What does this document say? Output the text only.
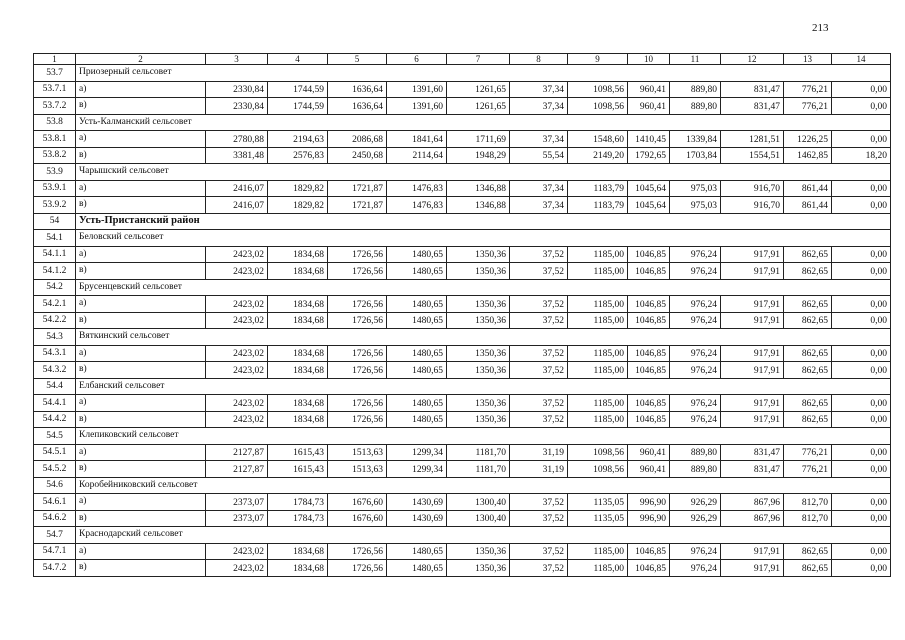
213
1	2	3	4	5	6	7	8	9	10	11	12	13	14
53.7	Приозерный сельсовет												
53.7.1	а)	2330,84	1744,59	1636,64	1391,60	1261,65	37,34	1098,56	960,41	889,80	831,47	776,21	0,00
53.7.2	в)	2330,84	1744,59	1636,64	1391,60	1261,65	37,34	1098,56	960,41	889,80	831,47	776,21	0,00
53.8	Усть-Калманский сельсовет												
53.8.1	а)	2780,88	2194,63	2086,68	1841,64	1711,69	37,34	1548,60	1410,45	1339,84	1281,51	1226,25	0,00
53.8.2	в)	3381,48	2576,83	2450,68	2114,64	1948,29	55,54	2149,20	1792,65	1703,84	1554,51	1462,85	18,20
53.9	Чарышский сельсовет												
53.9.1	а)	2416,07	1829,82	1721,87	1476,83	1346,88	37,34	1183,79	1045,64	975,03	916,70	861,44	0,00
53.9.2	в)	2416,07	1829,82	1721,87	1476,83	1346,88	37,34	1183,79	1045,64	975,03	916,70	861,44	0,00
54	Усть-Пристанский район												
54.1	Беловский сельсовет												
54.1.1	а)	2423,02	1834,68	1726,56	1480,65	1350,36	37,52	1185,00	1046,85	976,24	917,91	862,65	0,00
54.1.2	в)	2423,02	1834,68	1726,56	1480,65	1350,36	37,52	1185,00	1046,85	976,24	917,91	862,65	0,00
54.2	Брусенцевский сельсовет												
54.2.1	а)	2423,02	1834,68	1726,56	1480,65	1350,36	37,52	1185,00	1046,85	976,24	917,91	862,65	0,00
54.2.2	в)	2423,02	1834,68	1726,56	1480,65	1350,36	37,52	1185,00	1046,85	976,24	917,91	862,65	0,00
54.3	Вяткинский сельсовет												
54.3.1	а)	2423,02	1834,68	1726,56	1480,65	1350,36	37,52	1185,00	1046,85	976,24	917,91	862,65	0,00
54.3.2	в)	2423,02	1834,68	1726,56	1480,65	1350,36	37,52	1185,00	1046,85	976,24	917,91	862,65	0,00
54.4	Елбанский сельсовет												
54.4.1	а)	2423,02	1834,68	1726,56	1480,65	1350,36	37,52	1185,00	1046,85	976,24	917,91	862,65	0,00
54.4.2	в)	2423,02	1834,68	1726,56	1480,65	1350,36	37,52	1185,00	1046,85	976,24	917,91	862,65	0,00
54.5	Клепиковский сельсовет												
54.5.1	а)	2127,87	1615,43	1513,63	1299,34	1181,70	31,19	1098,56	960,41	889,80	831,47	776,21	0,00
54.5.2	в)	2127,87	1615,43	1513,63	1299,34	1181,70	31,19	1098,56	960,41	889,80	831,47	776,21	0,00
54.6	Коробейниковский сельсовет												
54.6.1	а)	2373,07	1784,73	1676,60	1430,69	1300,40	37,52	1135,05	996,90	926,29	867,96	812,70	0,00
54.6.2	в)	2373,07	1784,73	1676,60	1430,69	1300,40	37,52	1135,05	996,90	926,29	867,96	812,70	0,00
54.7	Краснодарский сельсовет												
54.7.1	а)	2423,02	1834,68	1726,56	1480,65	1350,36	37,52	1185,00	1046,85	976,24	917,91	862,65	0,00
54.7.2	в)	2423,02	1834,68	1726,56	1480,65	1350,36	37,52	1185,00	1046,85	976,24	917,91	862,65	0,00
